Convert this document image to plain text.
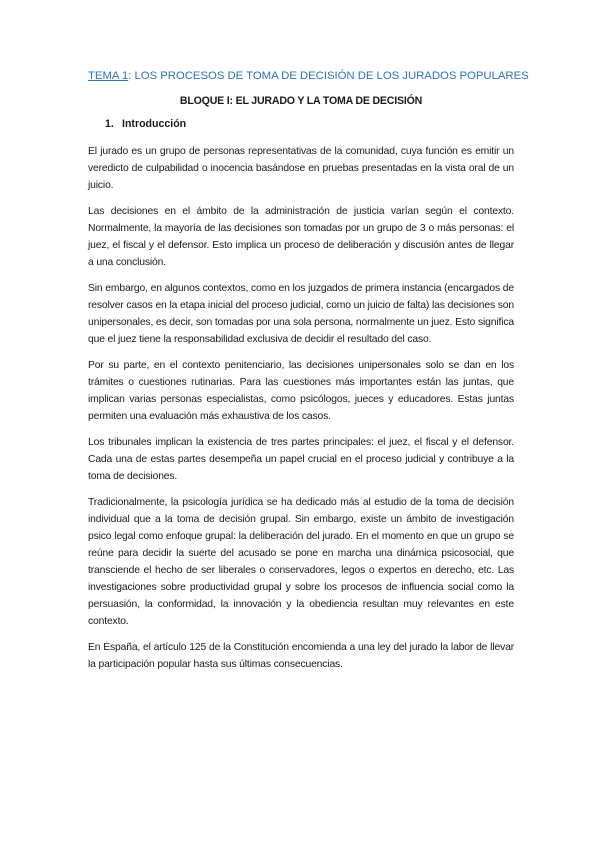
TEMA 1: LOS PROCESOS DE TOMA DE DECISIÓN DE LOS JURADOS POPULARES
BLOQUE I: EL JURADO Y LA TOMA DE DECISIÓN
1. Introducción

El jurado es un grupo de personas representativas de la comunidad, cuya función es emitir un veredicto de culpabilidad o inocencia basándose en pruebas presentadas en la vista oral de un juicio.

Las decisiones en el ámbito de la administración de justicia varían según el contexto. Normalmente, la mayoría de las decisiones son tomadas por un grupo de 3 o más personas: el juez, el fiscal y el defensor. Esto implica un proceso de deliberación y discusión antes de llegar a una conclusión.

Sin embargo, en algunos contextos, como en los juzgados de primera instancia (encargados de resolver casos en la etapa inicial del proceso judicial, como un juicio de falta) las decisiones son unipersonales, es decir, son tomadas por una sola persona, normalmente un juez. Esto significa que el juez tiene la responsabilidad exclusiva de decidir el resultado del caso.

Por su parte, en el contexto penitenciario, las decisiones unipersonales solo se dan en los trámites o cuestiones rutinarias. Para las cuestiones más importantes están las juntas, que implican varias personas especialistas, como psicólogos, jueces y educadores. Estas juntas permiten una evaluación más exhaustiva de los casos.

Los tribunales implican la existencia de tres partes principales: el juez, el fiscal y el defensor. Cada una de estas partes desempeña un papel crucial en el proceso judicial y contribuye a la toma de decisiones.

Tradicionalmente, la psicología jurídica se ha dedicado más al estudio de la toma de decisión individual que a la toma de decisión grupal. Sin embargo, existe un ámbito de investigación psico legal como enfoque grupal: la deliberación del jurado. En el momento en que un grupo se reúne para decidir la suerte del acusado se pone en marcha una dinámica psicosocial, que transciende el hecho de ser liberales o conservadores, legos o expertos en derecho, etc. Las investigaciones sobre productividad grupal y sobre los procesos de influencia social como la persuasión, la conformidad, la innovación y la obediencia resultan muy relevantes en este contexto.

En España, el artículo 125 de la Constitución encomienda a una ley del jurado la labor de llevar la participación popular hasta sus últimas consecuencias.
